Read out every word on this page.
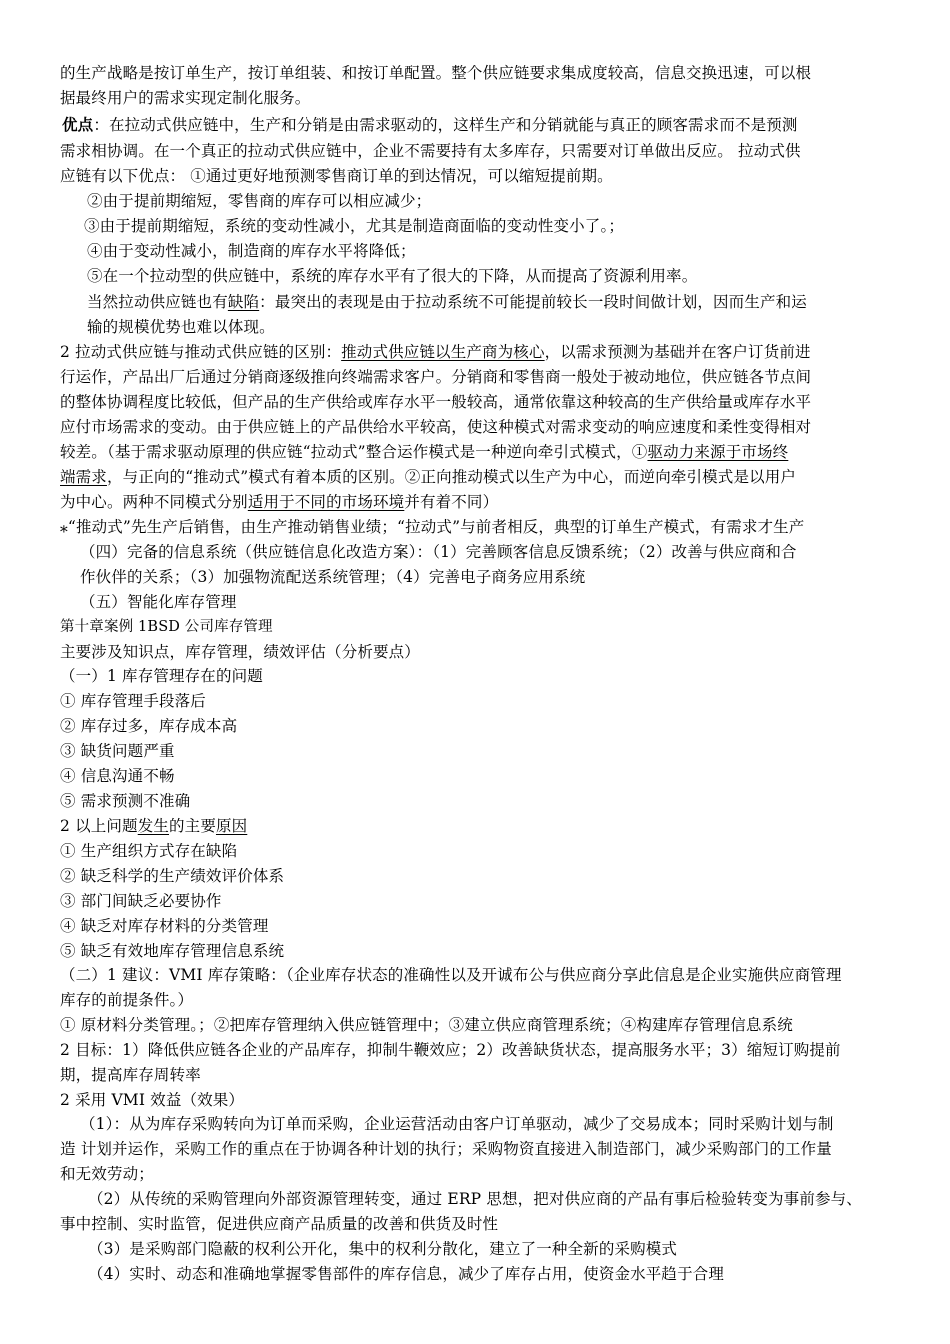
的生产战略是按订单生产，按订单组装、和按订单配置。整个供应链要求集成度较高，信息交换迅速，可以根
据最终用户的需求实现定制化服务。
优点：在拉动式供应链中，生产和分销是由需求驱动的，这样生产和分销就能与真正的顾客需求而不是预测
需求相协调。在一个真正的拉动式供应链中，企业不需要持有太多库存，只需要对订单做出反应。 拉动式供
应链有以下优点： ①通过更好地预测零售商订单的到达情况，可以缩短提前期。
②由于提前期缩短，零售商的库存可以相应减少；
③由于提前期缩短，系统的变动性减小，尤其是制造商面临的变动性变小了。；
④由于变动性减小，制造商的库存水平将降低；
⑤在一个拉动型的供应链中，系统的库存水平有了很大的下降，从而提高了资源利用率。
当然拉动供应链也有缺陷：最突出的表现是由于拉动系统不可能提前较长一段时间做计划，因而生产和运
输的规模优势也难以体现。
2 拉动式供应链与推动式供应链的区别：推动式供应链以生产商为核心，以需求预测为基础并在客户订货前进
行运作，产品出厂后通过分销商逐级推向终端需求客户。分销商和零售商一般处于被动地位，供应链各节点间
的整体协调程度比较低，但产品的生产供给或库存水平一般较高，通常依靠这种较高的生产供给量或库存水平
应付市场需求的变动。由于供应链上的产品供给水平较高，使这种模式对需求变动的响应速度和柔性变得相对
较差。（基于需求驱动原理的供应链“拉动式”整合运作模式是一种逆向牵引式模式，①驱动力来源于市场终
端需求，与正向的“推动式”模式有着本质的区别。②正向推动模式以生产为中心，而逆向牵引模式是以用户
为中心。两种不同模式分别适用于不同的市场环境并有着不同）
⁎“推动式”先生产后销售，由生产推动销售业绩；“拉动式”与前者相反，典型的订单生产模式，有需求才生产
（四）完备的信息系统（供应链信息化改造方案）：（1）完善顾客信息反馈系统；（2）改善与供应商和合
作伙伴的关系；（3）加强物流配送系统管理；（4）完善电子商务应用系统
（五）智能化库存管理
第十章案例 1BSD 公司库存管理
主要涉及知识点，库存管理，绩效评估（分析要点）
（一）1 库存管理存在的问题
① 库存管理手段落后
② 库存过多，库存成本高
③ 缺货问题严重
④ 信息沟通不畅
⑤ 需求预测不准确
2 以上问题发生的主要原因
① 生产组织方式存在缺陷
② 缺乏科学的生产绩效评价体系
③ 部门间缺乏必要协作
④ 缺乏对库存材料的分类管理
⑤ 缺乏有效地库存管理信息系统
（二）1 建议：VMI 库存策略：（企业库存状态的准确性以及开诚布公与供应商分享此信息是企业实施供应商管理
库存的前提条件。）
① 原材料分类管理。；②把库存管理纳入供应链管理中；③建立供应商管理系统；④构建库存管理信息系统
2 目标：1）降低供应链各企业的产品库存，抑制牛鞭效应；2）改善缺货状态，提高服务水平；3）缩短订购提前
期，提高库存周转率
2 采用 VMI 效益（效果）
（1）：从为库存采购转向为订单而采购，企业运营活动由客户订单驱动，减少了交易成本；同时采购计划与制
造 计划并运作，采购工作的重点在于协调各种计划的执行；采购物资直接进入制造部门，减少采购部门的工作量
和无效劳动；
（2）从传统的采购管理向外部资源管理转变，通过 ERP 思想，把对供应商的产品有事后检验转变为事前参与、
事中控制、实时监管，促进供应商产品质量的改善和供货及时性
（3）是采购部门隐蔽的权利公开化，集中的权利分散化，建立了一种全新的采购模式
（4）实时、动态和准确地掌握零售部件的库存信息，减少了库存占用，使资金水平趋于合理
